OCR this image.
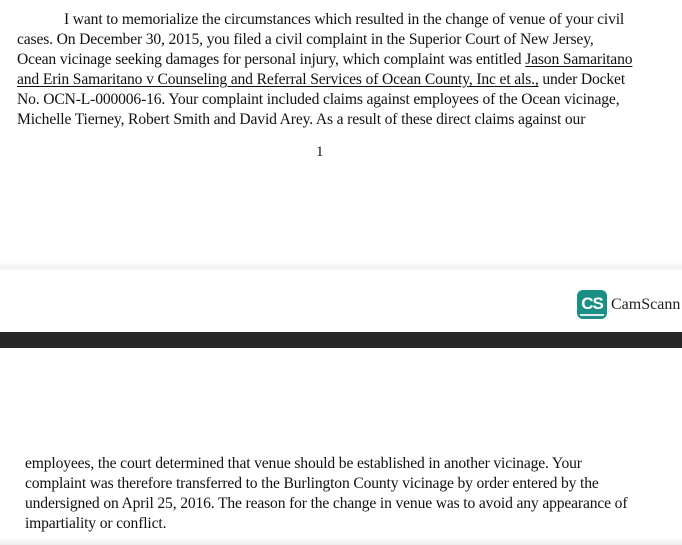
I want to memorialize the circumstances which resulted in the change of venue of your civil
cases. On December 30, 2015, you filed a civil complaint in the Superior Court of New Jersey,
Ocean vicinage seeking damages for personal injury, which complaint was entitled Jason Samaritano
and Erin Samaritano v Counseling and Referral Services of Ocean County, Inc et als., under Docket
No. OCN-L-000006-16. Your complaint included claims against employees of the Ocean vicinage,
Michelle Tierney, Robert Smith and David Arey. As a result of these direct claims against our
1
CS CamScann
employees, the court determined that venue should be established in another vicinage. Your
complaint was therefore transferred to the Burlington County vicinage by order entered by the
undersigned on April 25, 2016. The reason for the change in venue was to avoid any appearance of
impartiality or conflict.
